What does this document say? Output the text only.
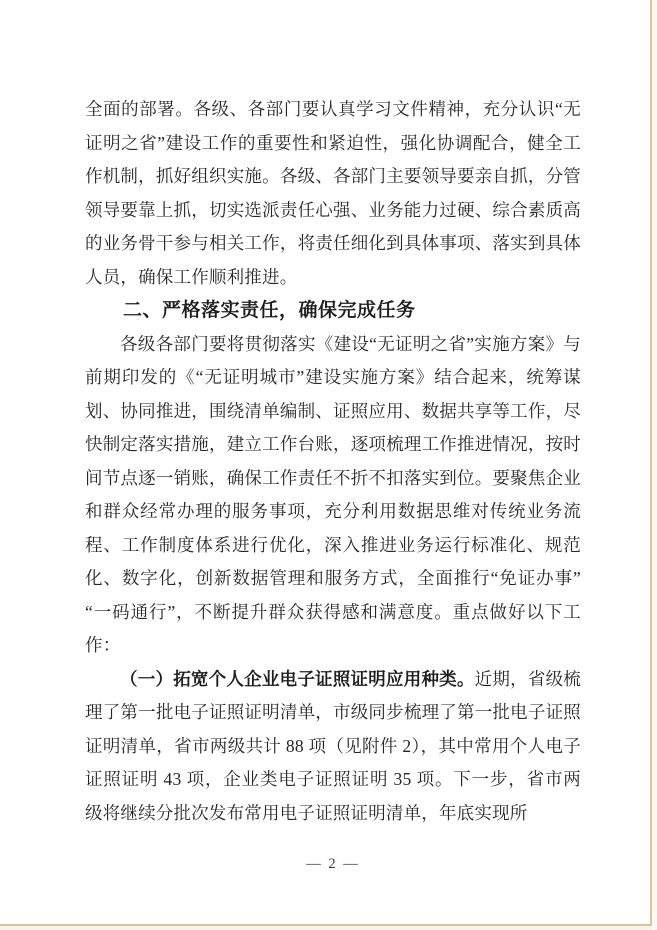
全面的部署。各级、各部门要认真学习文件精神，充分认识“无证明之省”建设工作的重要性和紧迫性，强化协调配合，健全工作机制，抓好组织实施。各级、各部门主要领导要亲自抓，分管领导要靠上抓，切实选派责任心强、业务能力过硬、综合素质高的业务骨干参与相关工作，将责任细化到具体事项、落实到具体人员，确保工作顺利推进。

二、严格落实责任，确保完成任务

各级各部门要将贯彻落实《建设“无证明之省”实施方案》与前期印发的《“无证明城市”建设实施方案》结合起来，统筹谋划、协同推进，围绕清单编制、证照应用、数据共享等工作，尽快制定落实措施，建立工作台账，逐项梳理工作推进情况，按时间节点逐一销账，确保工作责任不折不扣落实到位。要聚焦企业和群众经常办理的服务事项，充分利用数据思维对传统业务流程、工作制度体系进行优化，深入推进业务运行标准化、规范化、数字化，创新数据管理和服务方式，全面推行“免证办事”“一码通行”，不断提升群众获得感和满意度。重点做好以下工作：

（一）拓宽个人企业电子证照证明应用种类。近期，省级梳理了第一批电子证照证明清单，市级同步梳理了第一批电子证照证明清单，省市两级共计 88 项（见附件 2），其中常用个人电子证照证明 43 项，企业类电子证照证明 35 项。下一步，省市两级将继续分批次发布常用电子证照证明清单，年底实现所

— 2 —
